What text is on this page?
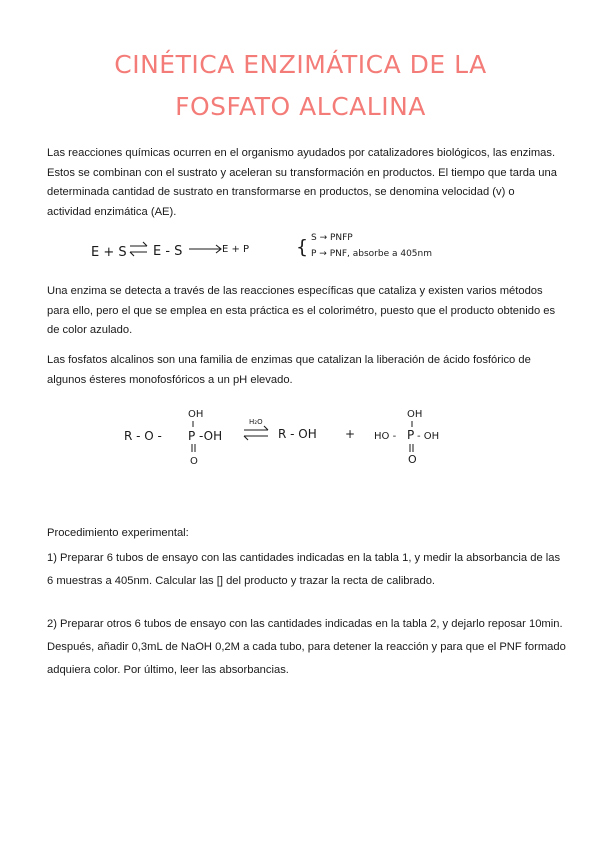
CINÉTICA ENZIMÁTICA DE LA
FOSFATO ALCALINA

Las reacciones químicas ocurren en el organismo ayudados por catalizadores biológicos, las enzimas. Estos se combinan con el sustrato y aceleran su transformación en productos. El tiempo que tarda una determinada cantidad de sustrato en transformarse en productos, se denomina velocidad (v) o actividad enzimática (AE).

E + S E - S	E + P { S → PNFP
P → PNF, absorbe a 405nm

Una enzima se detecta a través de las reacciones específicas que cataliza y existen varios métodos para ello, pero el que se emplea en esta práctica es el colorimétro, puesto que el producto obtenido es de color azulado.

Las fosfatos alcalinos son una familia de enzimas que catalizan la liberación de ácido fosfórico de algunos ésteres monofosfóricos a un pH elevado.

R - O -
OH
P -OH
O
H₂O
R - OH + HO -
OH
P - OH
O

Procedimiento experimental:

1) Preparar 6 tubos de ensayo con las cantidades indicadas en la tabla 1, y medir la absorbancia de las 6 muestras a 405nm. Calcular las [] del producto y trazar la recta de calibrado.

2) Preparar otros 6 tubos de ensayo con las cantidades indicadas en la tabla 2, y dejarlo reposar 10min. Después, añadir 0,3mL de NaOH 0,2M a cada tubo, para detener la reacción y para que el PNF formado adquiera color. Por último, leer las absorbancias.
